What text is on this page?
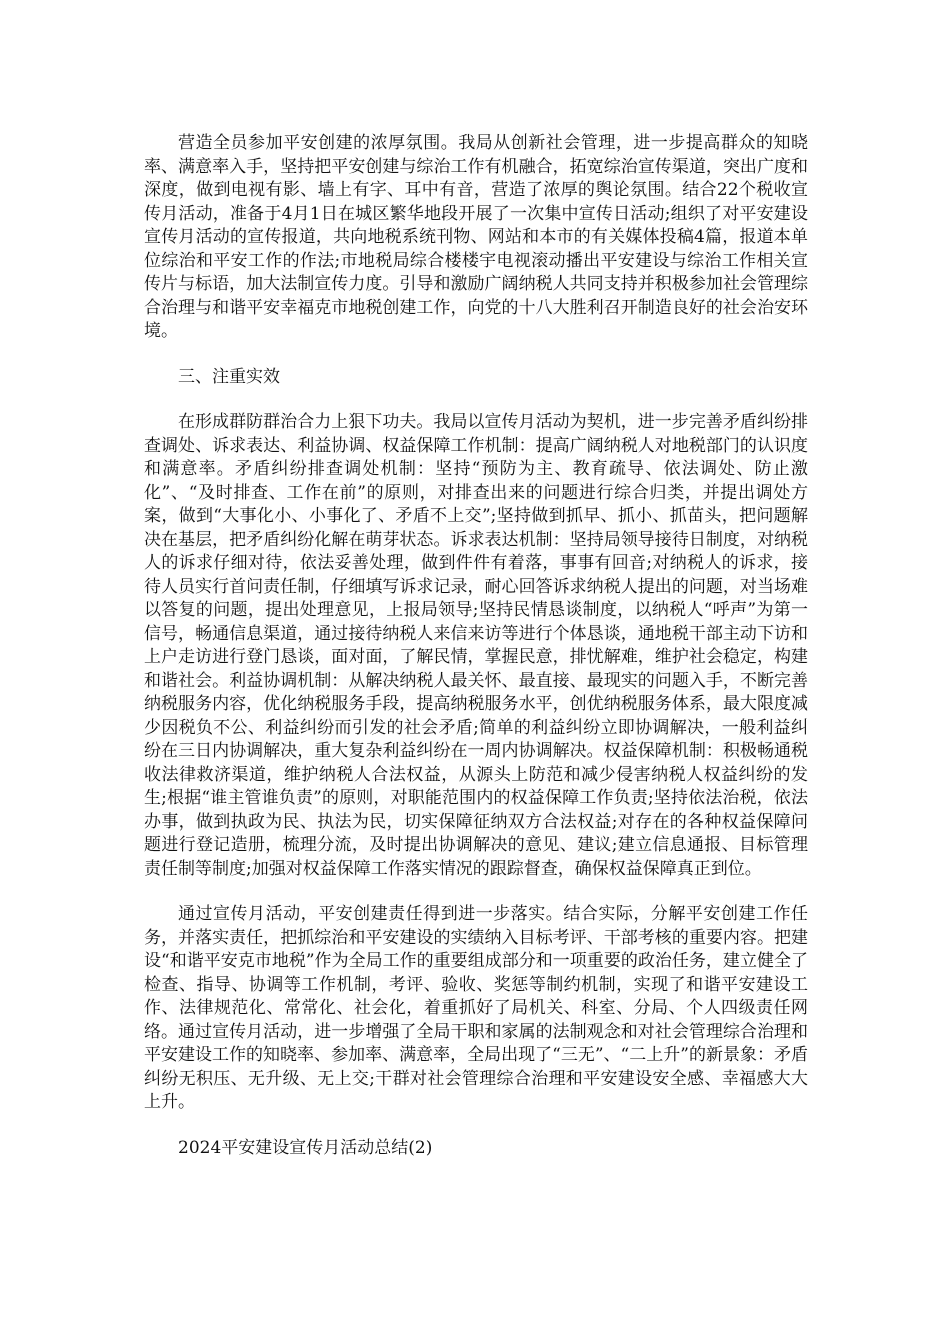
营造全员参加平安创建的浓厚氛围。我局从创新社会管理，进一步提高群众的知晓率、满意率入手，坚持把平安创建与综治工作有机融合，拓宽综治宣传渠道，突出广度和深度，做到电视有影、墙上有字、耳中有音，营造了浓厚的舆论氛围。结合22个税收宣传月活动，准备于4月1日在城区繁华地段开展了一次集中宣传日活动;组织了对平安建设宣传月活动的宣传报道，共向地税系统刊物、网站和本市的有关媒体投稿4篇，报道本单位综治和平安工作的作法;市地税局综合楼楼宇电视滚动播出平安建设与综治工作相关宣传片与标语，加大法制宣传力度。引导和激励广阔纳税人共同支持并积极参加社会管理综合治理与和谐平安幸福克市地税创建工作，向党的十八大胜利召开制造良好的社会治安环境。

三、注重实效

在形成群防群治合力上狠下功夫。我局以宣传月活动为契机，进一步完善矛盾纠纷排查调处、诉求表达、利益协调、权益保障工作机制：提高广阔纳税人对地税部门的认识度和满意率。矛盾纠纷排查调处机制：坚持“预防为主、教育疏导、依法调处、防止激化”、“及时排查、工作在前”的原则，对排查出来的问题进行综合归类，并提出调处方案，做到“大事化小、小事化了、矛盾不上交”;坚持做到抓早、抓小、抓苗头，把问题解决在基层，把矛盾纠纷化解在萌芽状态。诉求表达机制：坚持局领导接待日制度，对纳税人的诉求仔细对待，依法妥善处理，做到件件有着落，事事有回音;对纳税人的诉求，接待人员实行首问责任制，仔细填写诉求记录，耐心回答诉求纳税人提出的问题，对当场难以答复的问题，提出处理意见，上报局领导;坚持民情恳谈制度，以纳税人“呼声”为第一信号，畅通信息渠道，通过接待纳税人来信来访等进行个体恳谈，通地税干部主动下访和上户走访进行登门恳谈，面对面，了解民情，掌握民意，排忧解难，维护社会稳定，构建和谐社会。利益协调机制：从解决纳税人最关怀、最直接、最现实的问题入手，不断完善纳税服务内容，优化纳税服务手段，提高纳税服务水平，创优纳税服务体系，最大限度减少因税负不公、利益纠纷而引发的社会矛盾;简单的利益纠纷立即协调解决，一般利益纠纷在三日内协调解决，重大复杂利益纠纷在一周内协调解决。权益保障机制：积极畅通税收法律救济渠道，维护纳税人合法权益，从源头上防范和减少侵害纳税人权益纠纷的发生;根据“谁主管谁负责”的原则，对职能范围内的权益保障工作负责;坚持依法治税，依法办事，做到执政为民、执法为民，切实保障征纳双方合法权益;对存在的各种权益保障问题进行登记造册，梳理分流，及时提出协调解决的意见、建议;建立信息通报、目标管理责任制等制度;加强对权益保障工作落实情况的跟踪督查，确保权益保障真正到位。

通过宣传月活动，平安创建责任得到进一步落实。结合实际，分解平安创建工作任务，并落实责任，把抓综治和平安建设的实绩纳入目标考评、干部考核的重要内容。把建设“和谐平安克市地税”作为全局工作的重要组成部分和一项重要的政治任务，建立健全了检查、指导、协调等工作机制，考评、验收、奖惩等制约机制，实现了和谐平安建设工作、法律规范化、常常化、社会化，着重抓好了局机关、科室、分局、个人四级责任网络。通过宣传月活动，进一步增强了全局干职和家属的法制观念和对社会管理综合治理和平安建设工作的知晓率、参加率、满意率，全局出现了“三无”、“二上升”的新景象：矛盾纠纷无积压、无升级、无上交;干群对社会管理综合治理和平安建设安全感、幸福感大大上升。

2024平安建设宣传月活动总结(2)
